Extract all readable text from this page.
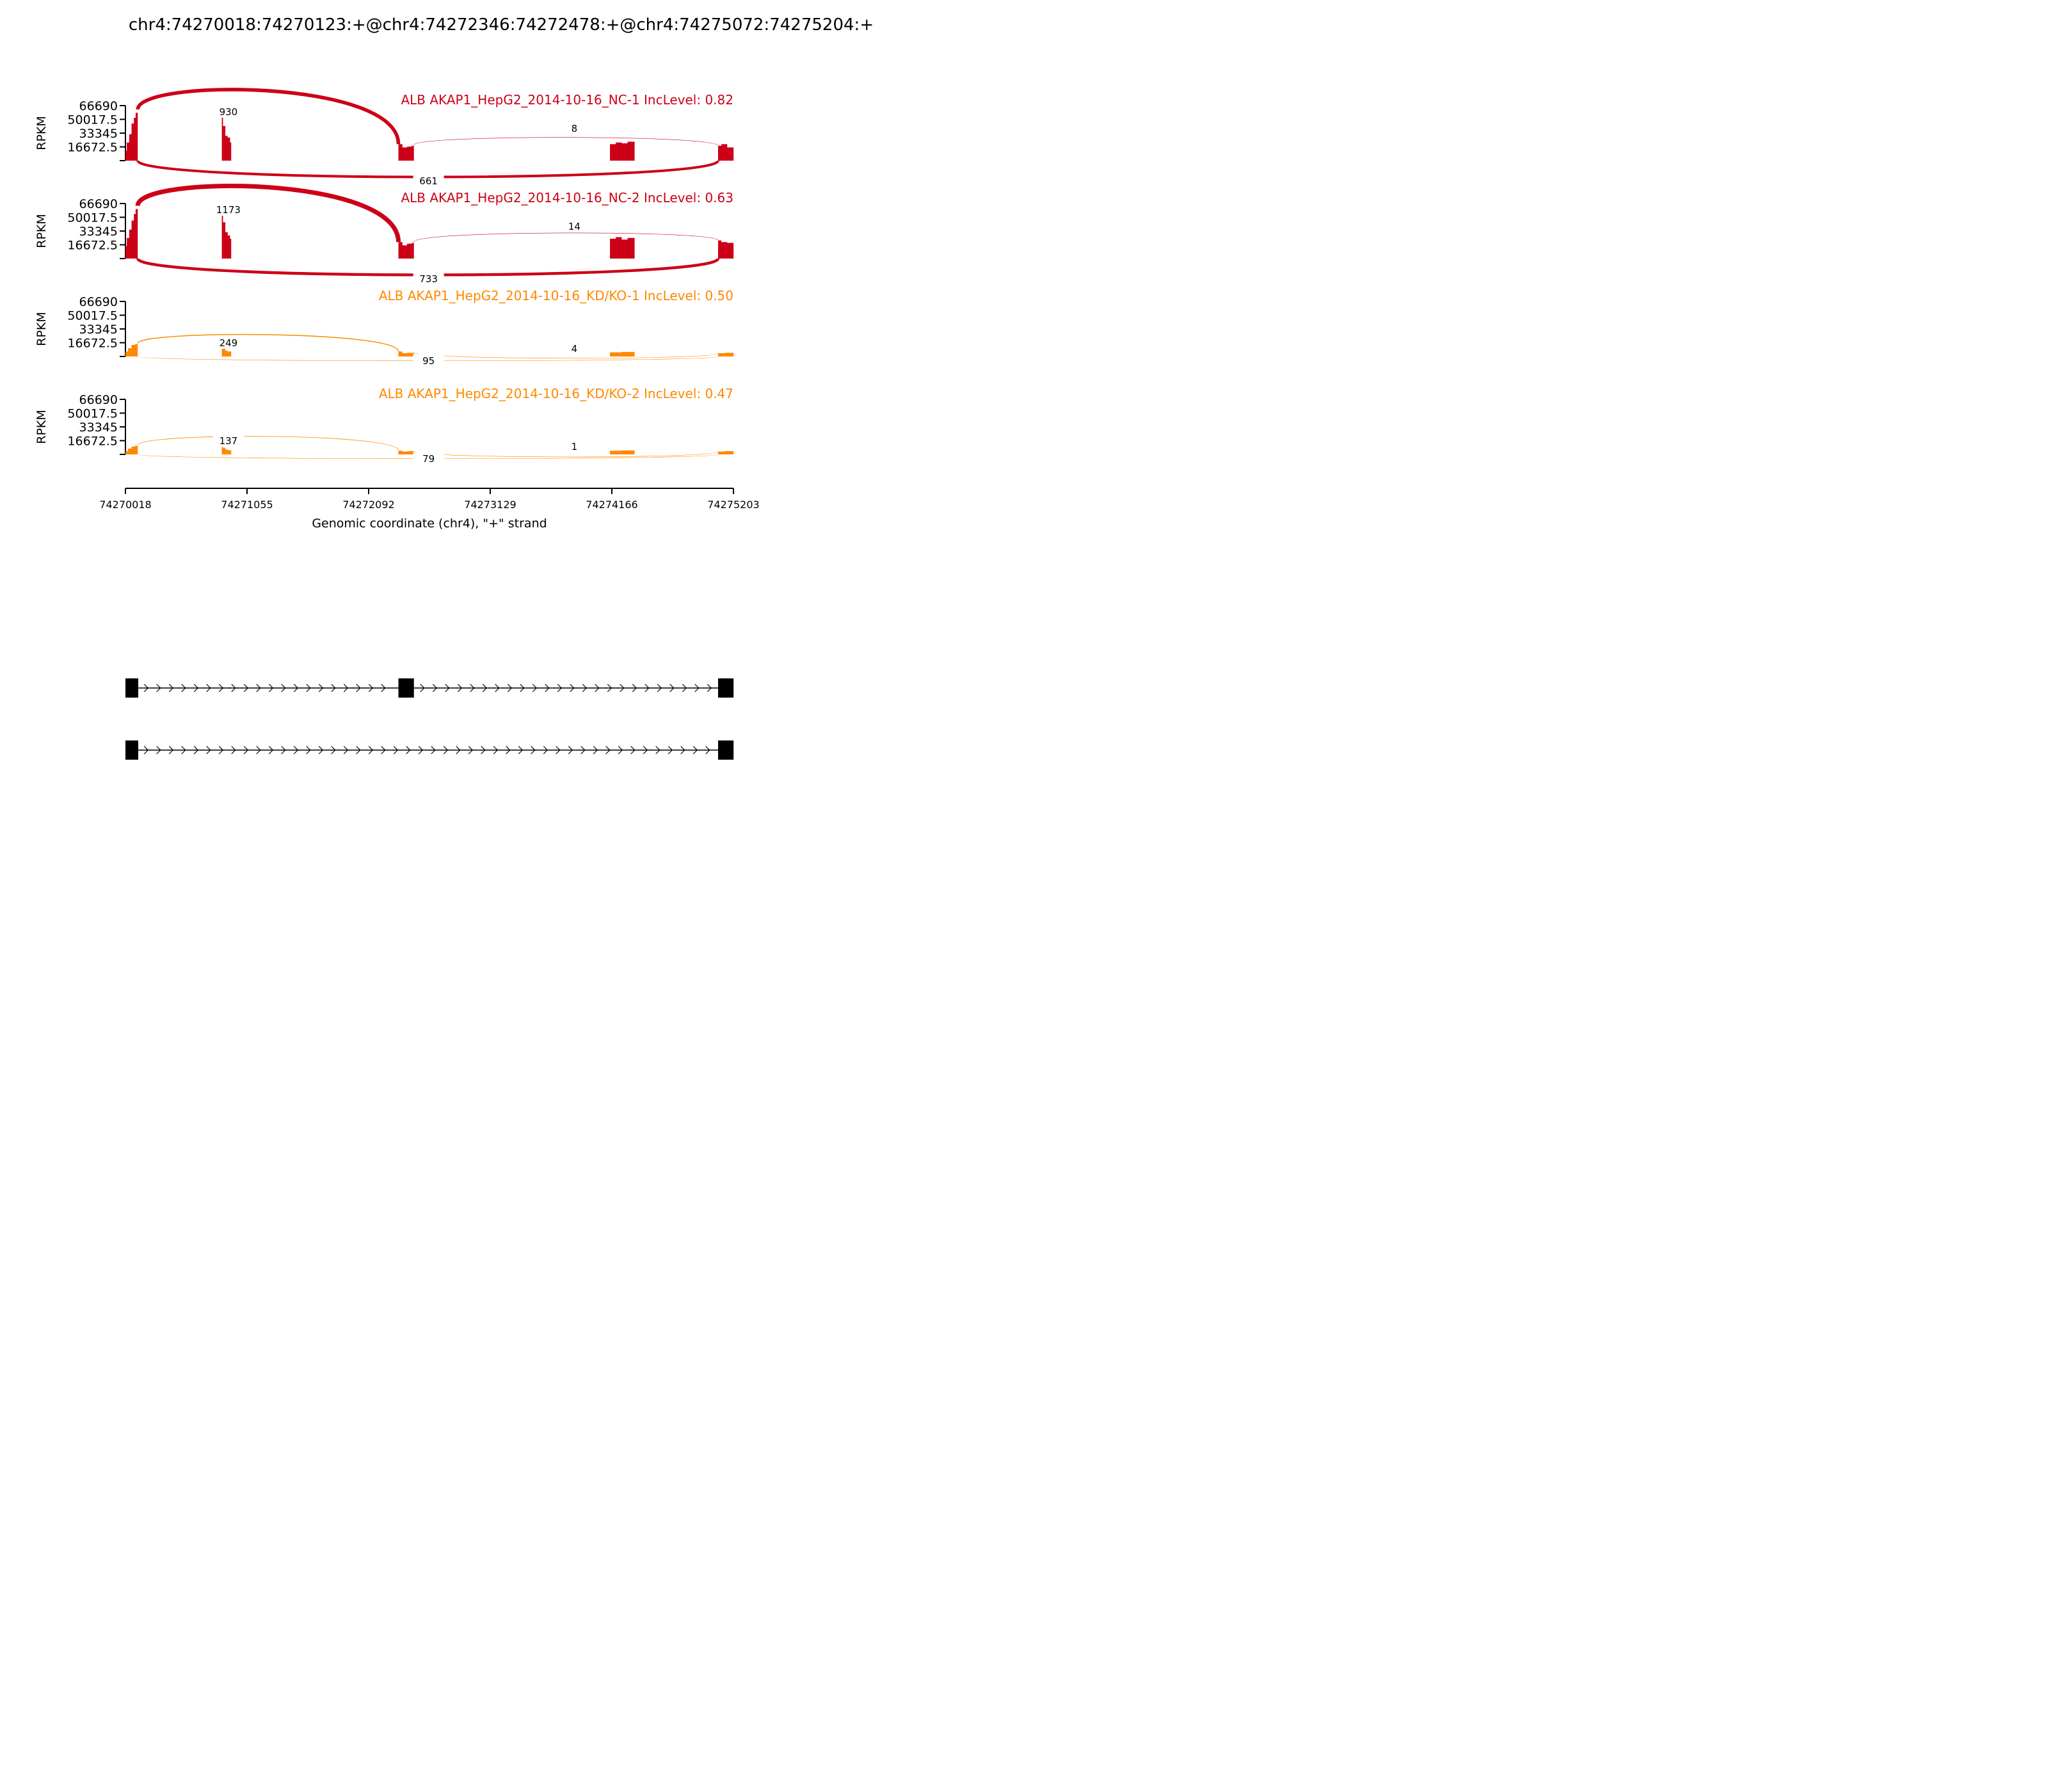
chr4:74270018:74270123:+@chr4:74272346:74272478:+@chr4:74275072:74275204:+
66690
50017.5
33345
16672.5
RPKM
ALB AKAP1_HepG2_2014-10-16_NC-1 IncLevel: 0.82
930
8
661
66690
50017.5
33345
16672.5
RPKM
ALB AKAP1_HepG2_2014-10-16_NC-2 IncLevel: 0.63
1173
14
733
66690
50017.5
33345
16672.5
RPKM
ALB AKAP1_HepG2_2014-10-16_KD/KO-1 IncLevel: 0.50
249	4
95
66690
50017.5
33345
16672.5
RPKM
ALB AKAP1_HepG2_2014-10-16_KD/KO-2 IncLevel: 0.47
137	1
79
74270018	74271055	74272092	74273129	74274166	74275203
Genomic coordinate (chr4), "+" strand
